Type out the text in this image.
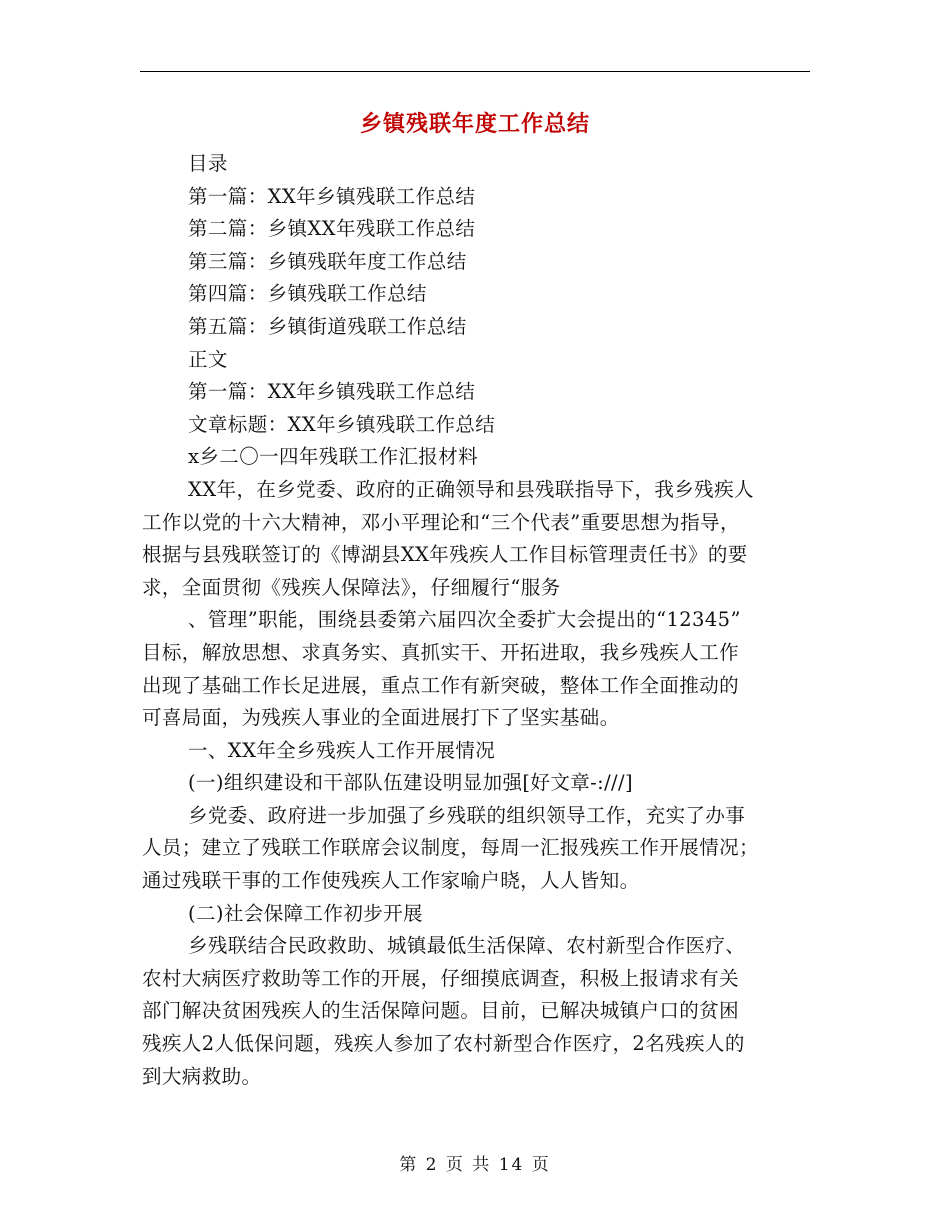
乡镇残联年度工作总结
目录
第一篇：XX年乡镇残联工作总结
第二篇：乡镇XX年残联工作总结
第三篇：乡镇残联年度工作总结
第四篇：乡镇残联工作总结
第五篇：乡镇街道残联工作总结
正文
第一篇：XX年乡镇残联工作总结
文章标题：XX年乡镇残联工作总结
x乡二〇一四年残联工作汇报材料
XX年，在乡党委、政府的正确领导和县残联指导下，我乡残疾人
工作以党的十六大精神，邓小平理论和“三个代表”重要思想为指导，
根据与县残联签订的《博湖县XX年残疾人工作目标管理责任书》的要
求，全面贯彻《残疾人保障法》，仔细履行“服务
、管理”职能，围绕县委第六届四次全委扩大会提出的“12345”
目标，解放思想、求真务实、真抓实干、开拓进取，我乡残疾人工作
出现了基础工作长足进展，重点工作有新突破，整体工作全面推动的
可喜局面，为残疾人事业的全面进展打下了坚实基础。
一、XX年全乡残疾人工作开展情况
(一)组织建设和干部队伍建设明显加强[好文章-:///]
乡党委、政府进一步加强了乡残联的组织领导工作，充实了办事
人员；建立了残联工作联席会议制度，每周一汇报残疾工作开展情况；
通过残联干事的工作使残疾人工作家喻户晓，人人皆知。
(二)社会保障工作初步开展
乡残联结合民政救助、城镇最低生活保障、农村新型合作医疗、
农村大病医疗救助等工作的开展，仔细摸底调查，积极上报请求有关
部门解决贫困残疾人的生活保障问题。目前，已解决城镇户口的贫困
残疾人2人低保问题，残疾人参加了农村新型合作医疗，2名残疾人的
到大病救助。
第 2 页 共 14 页
